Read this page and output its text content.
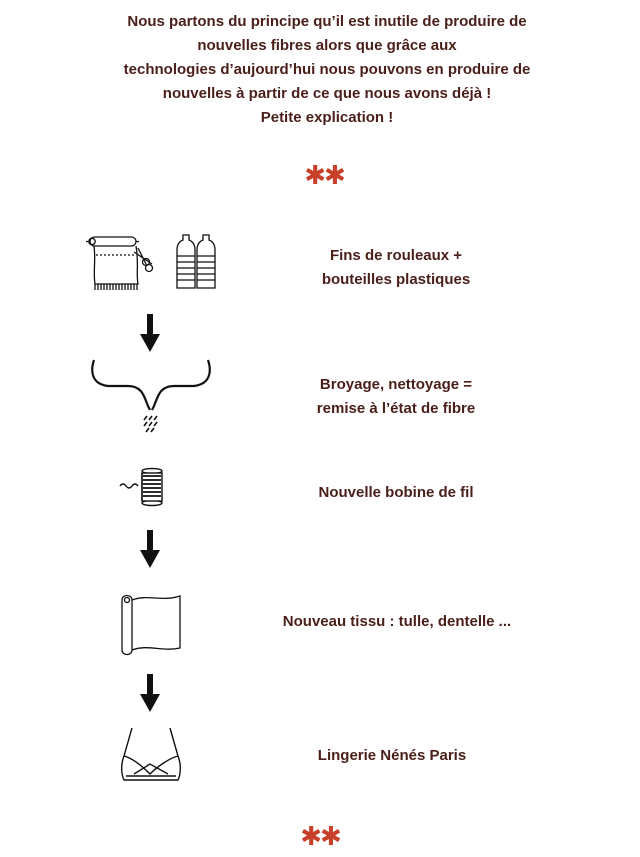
Nous partons du principe qu’il est inutile de produire de
nouvelles fibres alors que grâce aux
technologies d’aujourd’hui nous pouvons en produire de
nouvelles à partir de ce que nous avons déjà !
Petite explication !
✱✱
Fins de rouleaux +
bouteilles plastiques
Broyage, nettoyage =
remise à l’état de fibre
Nouvelle bobine de fil
Nouveau tissu : tulle, dentelle ...
Lingerie Nénés Paris
✱✱
